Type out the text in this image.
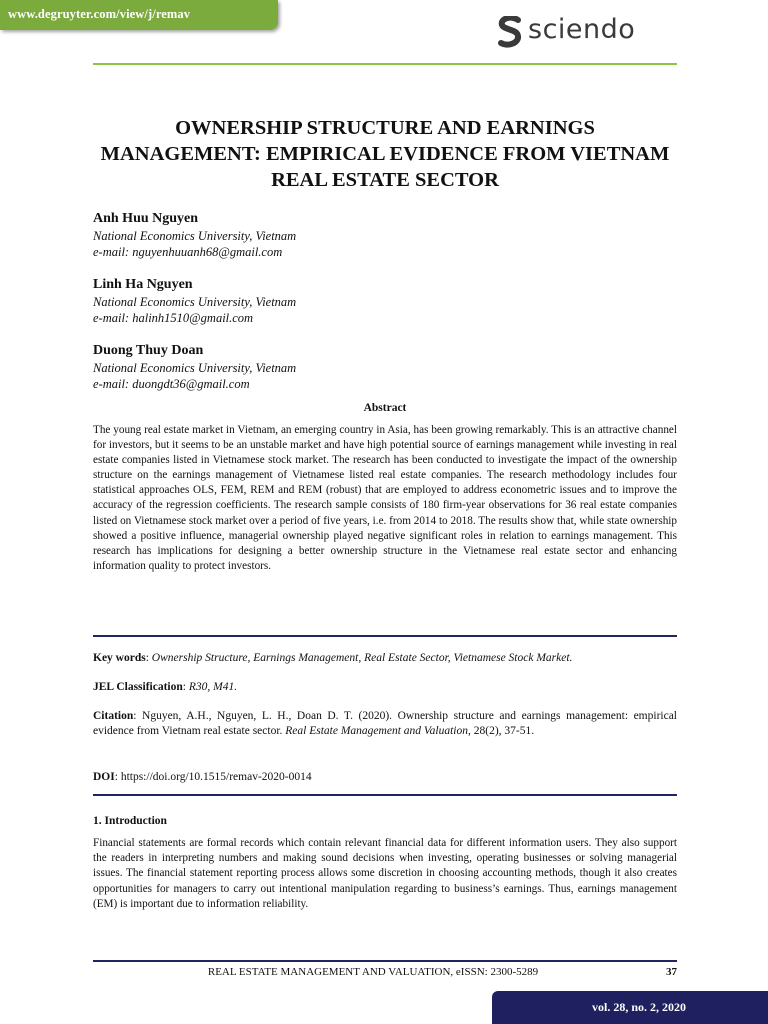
www.degruyter.com/view/j/remav	sciendo
OWNERSHIP STRUCTURE AND EARNINGS MANAGEMENT: EMPIRICAL EVIDENCE FROM VIETNAM REAL ESTATE SECTOR
Anh Huu Nguyen
National Economics University, Vietnam
e-mail: nguyenhuuanh68@gmail.com
Linh Ha Nguyen
National Economics University, Vietnam
e-mail: halinh1510@gmail.com
Duong Thuy Doan
National Economics University, Vietnam
e-mail: duongdt36@gmail.com
Abstract

The young real estate market in Vietnam, an emerging country in Asia, has been growing remarkably. This is an attractive channel for investors, but it seems to be an unstable market and have high potential source of earnings management while investing in real estate companies listed in Vietnamese stock market. The research has been conducted to investigate the impact of the ownership structure on the earnings management of Vietnamese listed real estate companies. The research methodology includes four statistical approaches OLS, FEM, REM and REM (robust) that are employed to address econometric issues and to improve the accuracy of the regression coefficients. The research sample consists of 180 firm-year observations for 36 real estate companies listed on Vietnamese stock market over a period of five years, i.e. from 2014 to 2018. The results show that, while state ownership showed a positive influence, managerial ownership played negative significant roles in relation to earnings management. This research has implications for designing a better ownership structure in the Vietnamese real estate sector and enhancing information quality to protect investors.

Key words: Ownership Structure, Earnings Management, Real Estate Sector, Vietnamese Stock Market.

JEL Classification: R30, M41.

Citation: Nguyen, A.H., Nguyen, L. H., Doan D. T. (2020). Ownership structure and earnings management: empirical evidence from Vietnam real estate sector. Real Estate Management and Valuation, 28(2), 37-51.

DOI: https://doi.org/10.1515/remav-2020-0014

1. Introduction

Financial statements are formal records which contain relevant financial data for different information users. They also support the readers in interpreting numbers and making sound decisions when investing, operating businesses or solving managerial issues. The financial statement reporting process allows some discretion in choosing accounting methods, though it also creates opportunities for managers to carry out intentional manipulation regarding to business’s earnings. Thus, earnings management (EM) is important due to information reliability.

REAL ESTATE MANAGEMENT AND VALUATION, eISSN: 2300-5289	37
vol. 28, no. 2, 2020
